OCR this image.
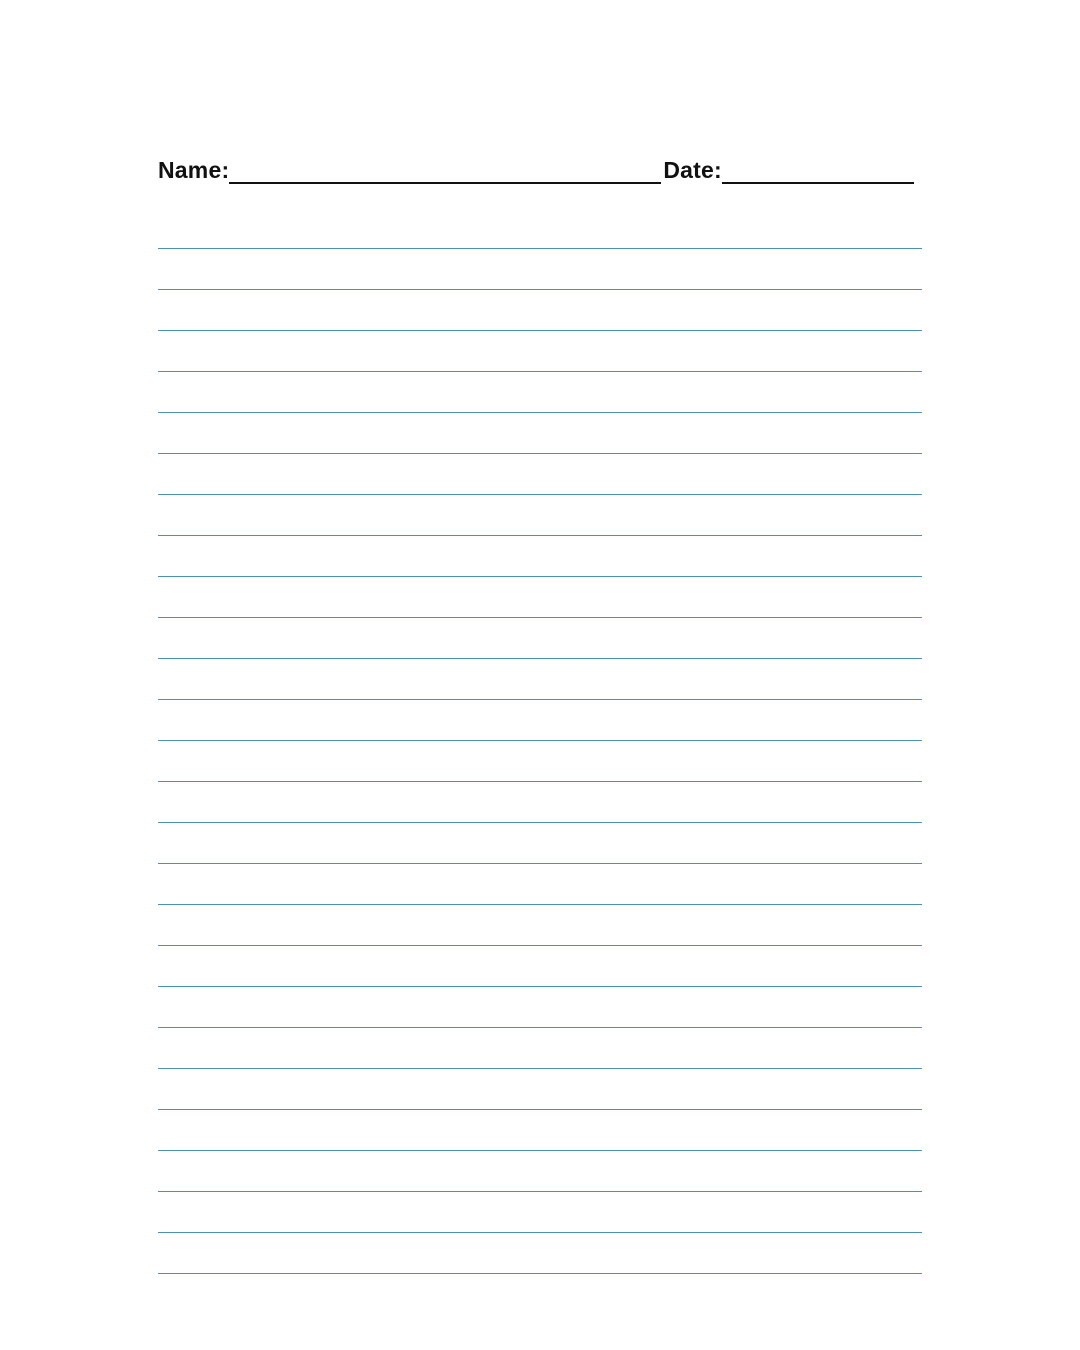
Name:	Date:
